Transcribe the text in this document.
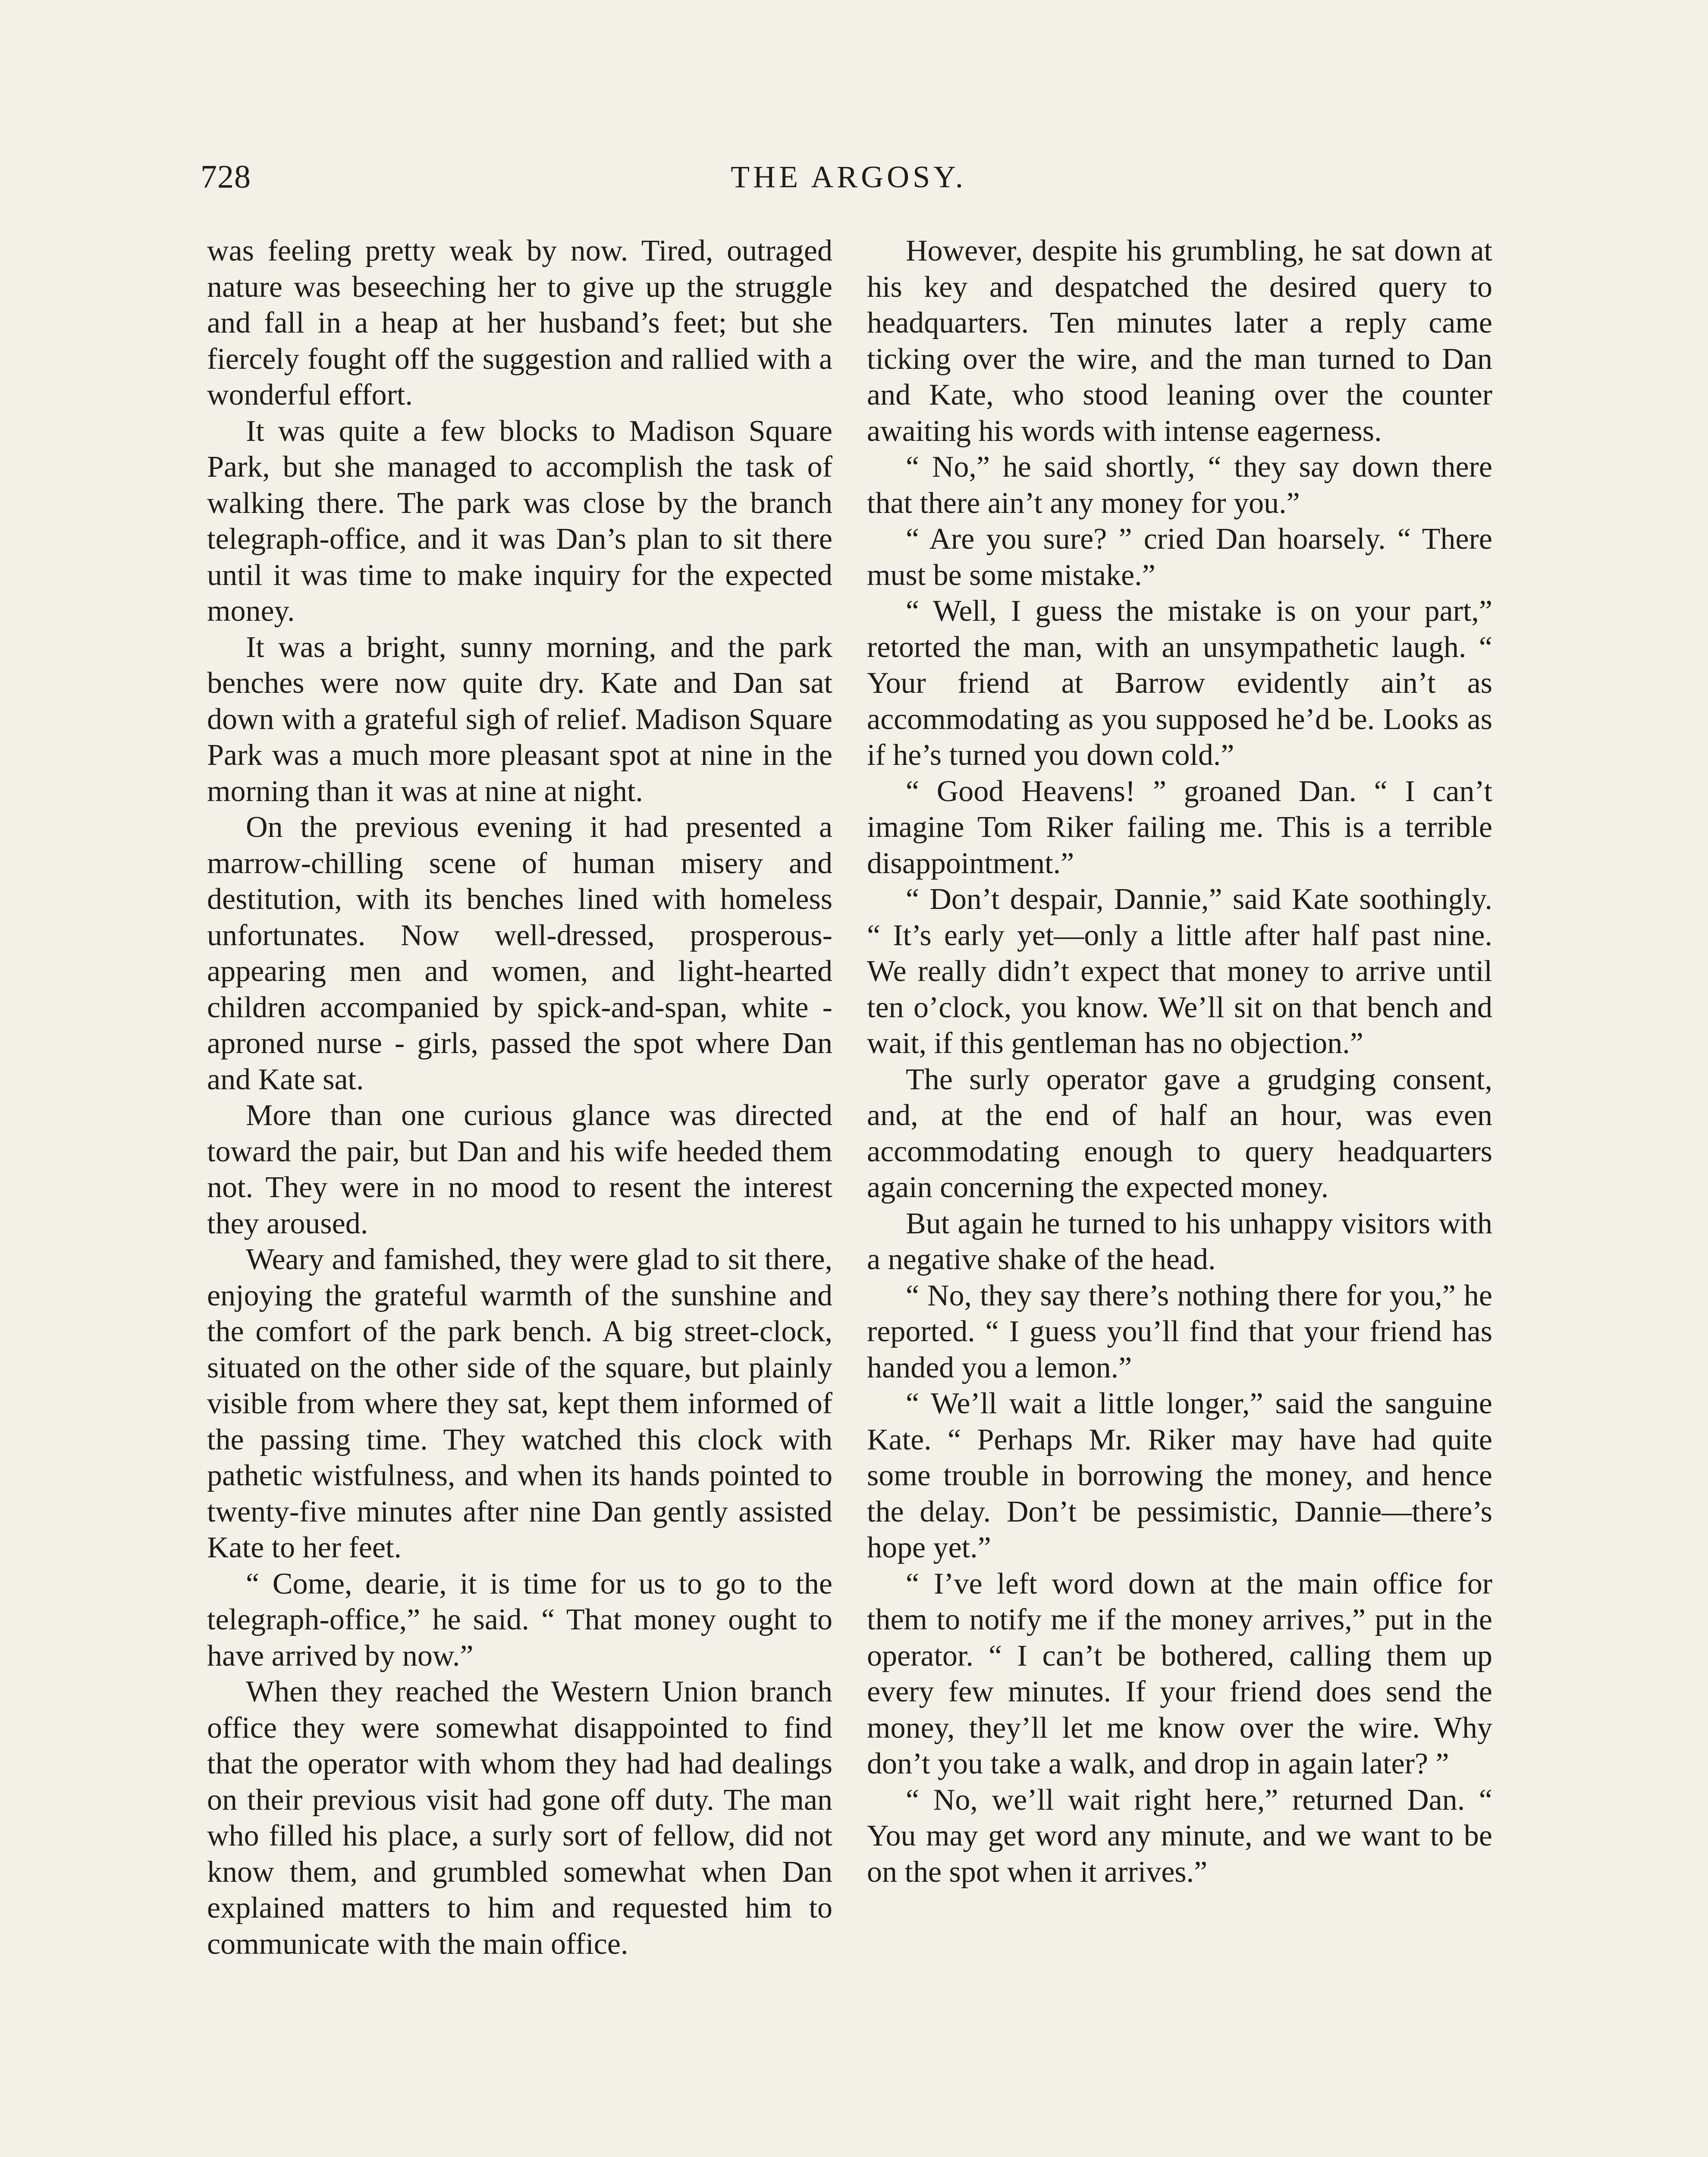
728	THE ARGOSY.

was feeling pretty weak by now. Tired, outraged nature was beseeching her to give up the struggle and fall in a heap at her husband’s feet; but she fiercely fought off the suggestion and rallied with a wonderful effort.

It was quite a few blocks to Madison Square Park, but she managed to accomplish the task of walking there. The park was close by the branch telegraph-office, and it was Dan’s plan to sit there until it was time to make inquiry for the expected money.

It was a bright, sunny morning, and the park benches were now quite dry. Kate and Dan sat down with a grateful sigh of relief. Madison Square Park was a much more pleasant spot at nine in the morning than it was at nine at night.

On the previous evening it had presented a marrow-chilling scene of human misery and destitution, with its benches lined with homeless unfortunates. Now well-dressed, prosperous-appearing men and women, and light-hearted children accompanied by spick-and-span, white - aproned nurse - girls, passed the spot where Dan and Kate sat.

More than one curious glance was directed toward the pair, but Dan and his wife heeded them not. They were in no mood to resent the interest they aroused.

Weary and famished, they were glad to sit there, enjoying the grateful warmth of the sunshine and the comfort of the park bench. A big street-clock, situated on the other side of the square, but plainly visible from where they sat, kept them informed of the passing time. They watched this clock with pathetic wistfulness, and when its hands pointed to twenty-five minutes after nine Dan gently assisted Kate to her feet.

“ Come, dearie, it is time for us to go to the telegraph-office,” he said. “ That money ought to have arrived by now.”

When they reached the Western Union branch office they were somewhat disappointed to find that the operator with whom they had had dealings on their previous visit had gone off duty. The man who filled his place, a surly sort of fellow, did not know them, and grumbled somewhat when Dan explained matters to him and requested him to communicate with the main office.

However, despite his grumbling, he sat down at his key and despatched the desired query to headquarters. Ten minutes later a reply came ticking over the wire, and the man turned to Dan and Kate, who stood leaning over the counter awaiting his words with intense eagerness.

“ No,” he said shortly, “ they say down there that there ain’t any money for you.”

“ Are you sure? ” cried Dan hoarsely. “ There must be some mistake.”

“ Well, I guess the mistake is on your part,” retorted the man, with an unsympathetic laugh. “ Your friend at Barrow evidently ain’t as accommodating as you supposed he’d be. Looks as if he’s turned you down cold.”

“ Good Heavens! ” groaned Dan. “ I can’t imagine Tom Riker failing me. This is a terrible disappointment.”

“ Don’t despair, Dannie,” said Kate soothingly. “ It’s early yet—only a little after half past nine. We really didn’t expect that money to arrive until ten o’clock, you know. We’ll sit on that bench and wait, if this gentleman has no objection.”

The surly operator gave a grudging consent, and, at the end of half an hour, was even accommodating enough to query headquarters again concerning the expected money.

But again he turned to his unhappy visitors with a negative shake of the head.

“ No, they say there’s nothing there for you,” he reported. “ I guess you’ll find that your friend has handed you a lemon.”

“ We’ll wait a little longer,” said the sanguine Kate. “ Perhaps Mr. Riker may have had quite some trouble in borrowing the money, and hence the delay. Don’t be pessimistic, Dannie—there’s hope yet.”

“ I’ve left word down at the main office for them to notify me if the money arrives,” put in the operator. “ I can’t be bothered, calling them up every few minutes. If your friend does send the money, they’ll let me know over the wire. Why don’t you take a walk, and drop in again later? ”

“ No, we’ll wait right here,” returned Dan. “ You may get word any minute, and we want to be on the spot when it arrives.”
